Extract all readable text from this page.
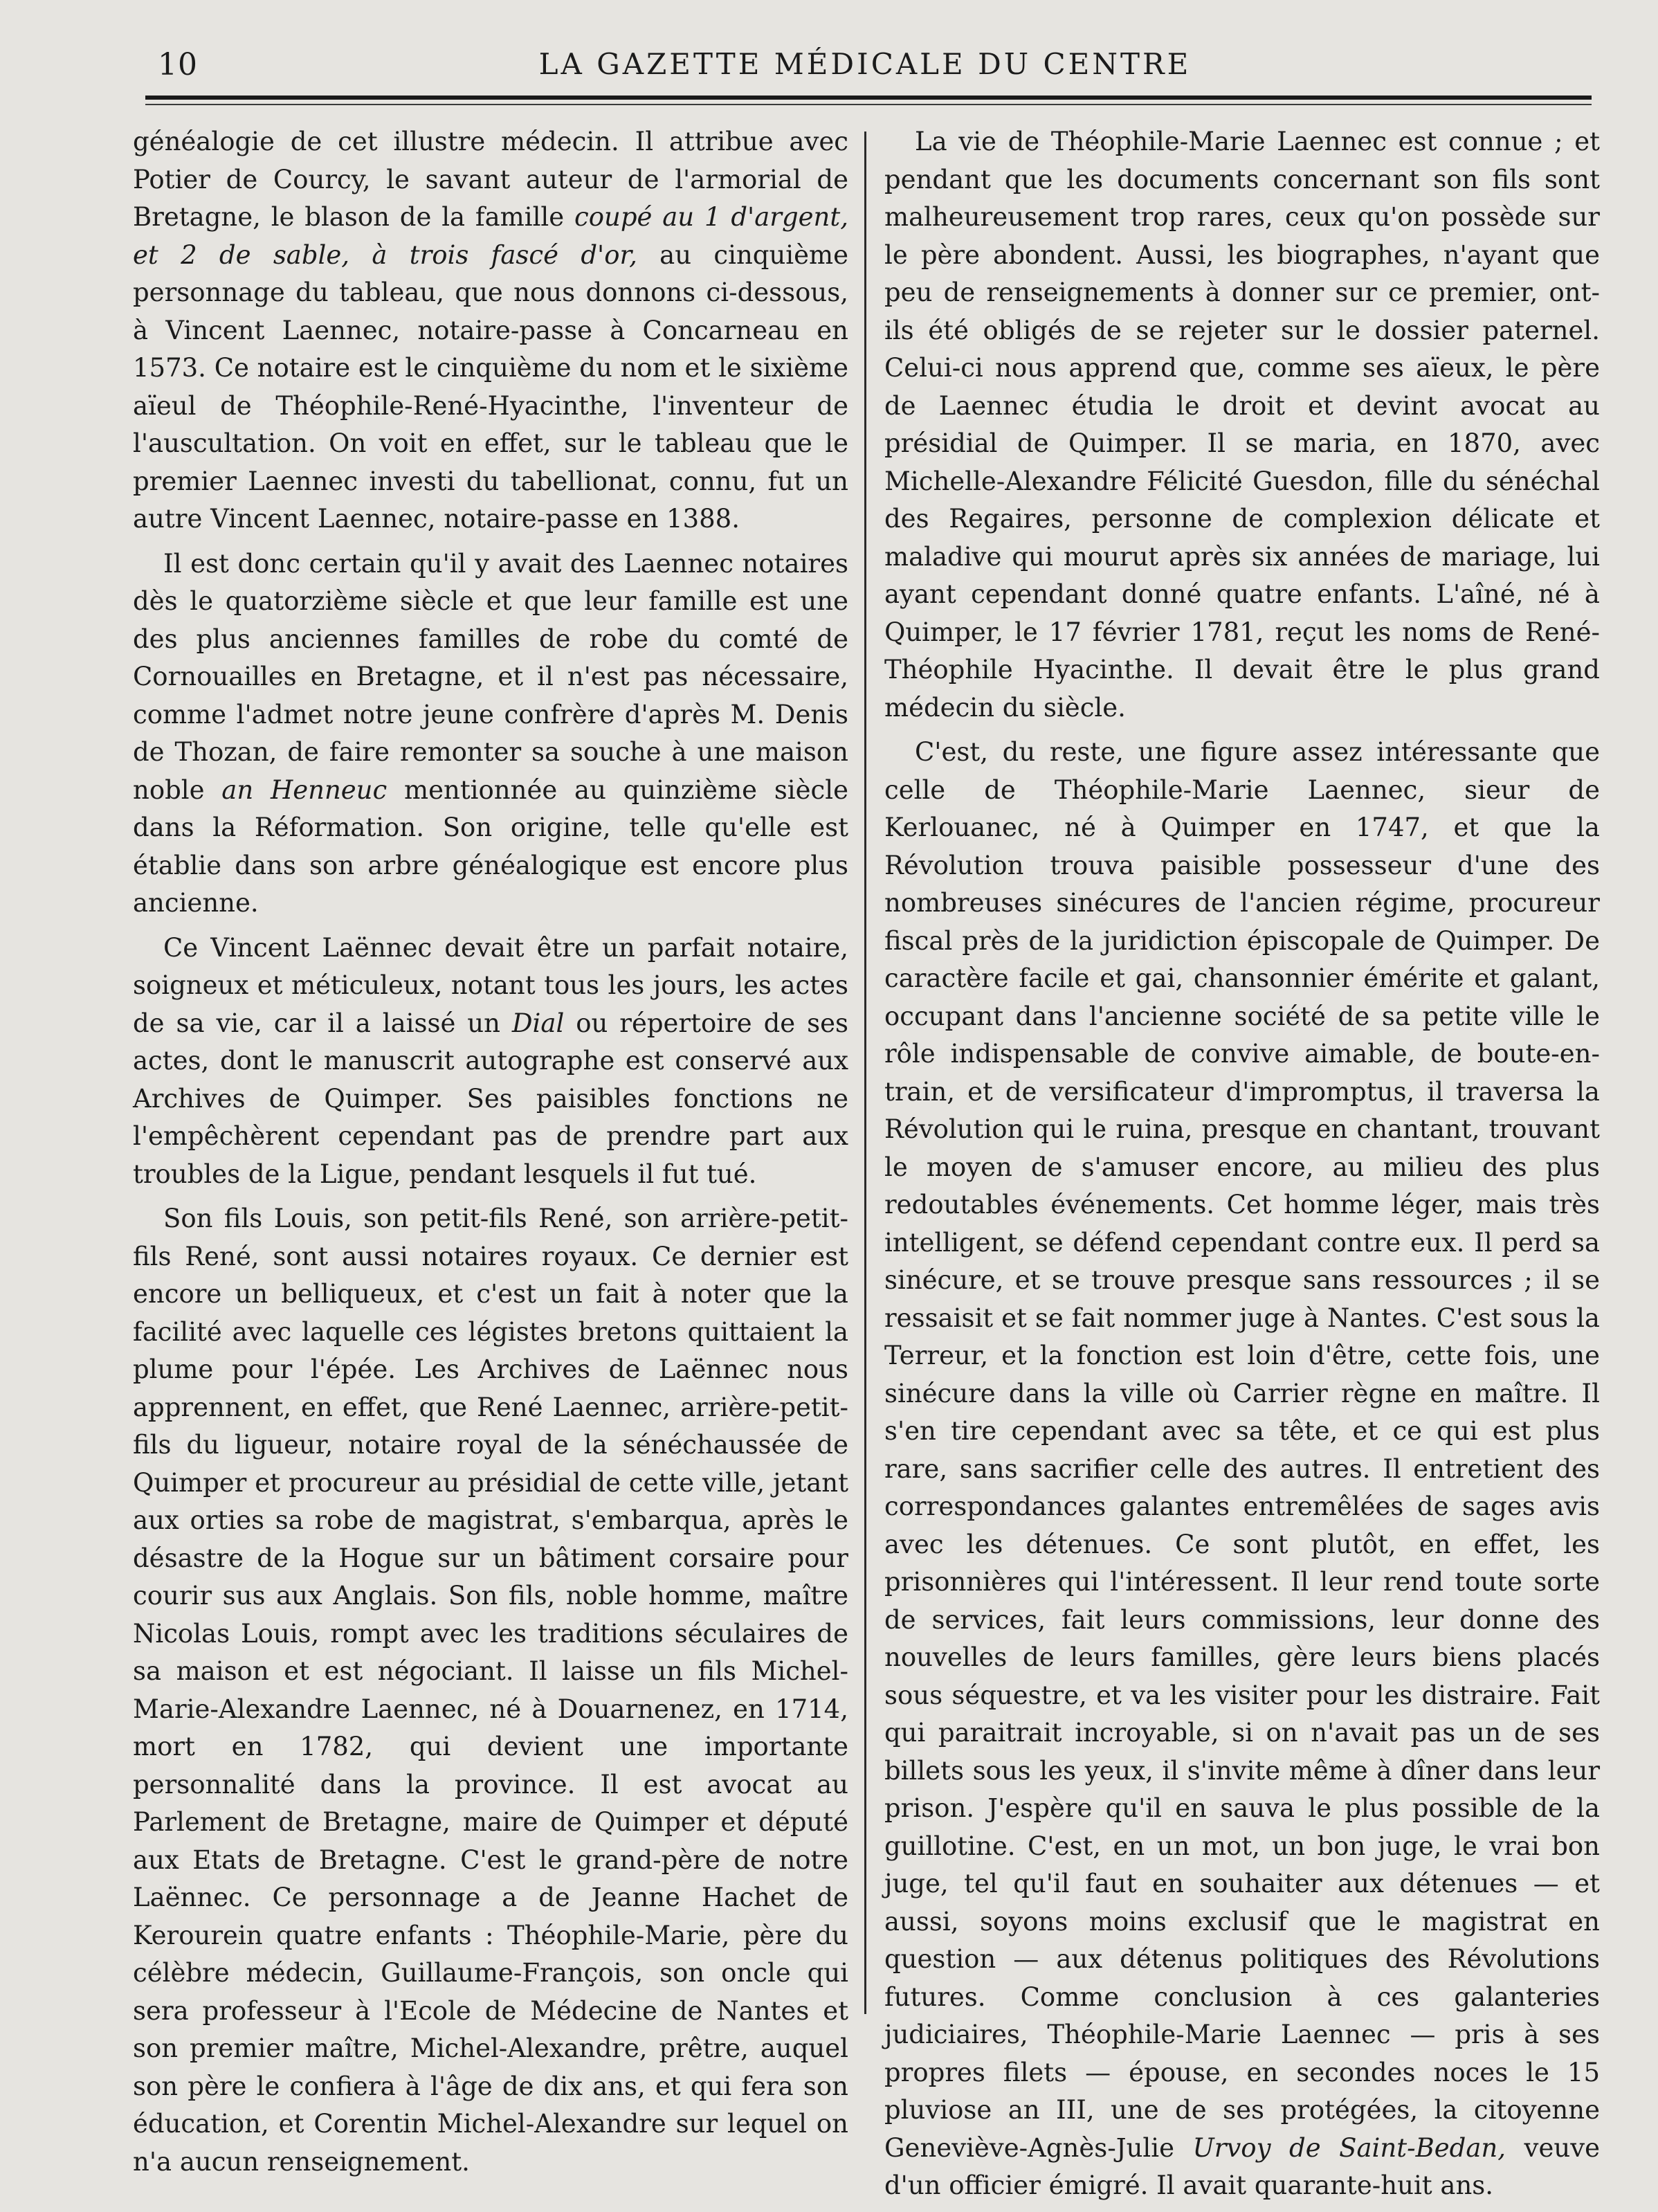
10	LA GAZETTE MÉDICALE DU CENTRE

généalogie de cet illustre médecin. Il attribue avec Potier de Courcy, le savant auteur de l'armorial de Bretagne, le blason de la famille coupé au 1 d'argent, et 2 de sable, à trois fascé d'or, au cinquième personnage du tableau, que nous donnons ci-dessous, à Vincent Laennec, notaire-passe à Concarneau en 1573. Ce notaire est le cinquième du nom et le sixième aïeul de Théophile-René-Hyacinthe, l'inventeur de l'auscultation. On voit en effet, sur le tableau que le premier Laennec investi du tabellionat, connu, fut un autre Vincent Laennec, notaire-passe en 1388.

Il est donc certain qu'il y avait des Laennec notaires dès le quatorzième siècle et que leur famille est une des plus anciennes familles de robe du comté de Cornouailles en Bretagne, et il n'est pas nécessaire, comme l'admet notre jeune confrère d'après M. Denis de Thozan, de faire remonter sa souche à une maison noble an Henneuc mentionnée au quinzième siècle dans la Réformation. Son origine, telle qu'elle est établie dans son arbre généalogique est encore plus ancienne.

Ce Vincent Laënnec devait être un parfait notaire, soigneux et méticuleux, notant tous les jours, les actes de sa vie, car il a laissé un Dial ou répertoire de ses actes, dont le manuscrit autographe est conservé aux Archives de Quimper. Ses paisibles fonctions ne l'empêchèrent cependant pas de prendre part aux troubles de la Ligue, pendant lesquels il fut tué.

Son fils Louis, son petit-fils René, son arrière-petit-fils René, sont aussi notaires royaux. Ce dernier est encore un belliqueux, et c'est un fait à noter que la facilité avec laquelle ces légistes bretons quittaient la plume pour l'épée. Les Archives de Laënnec nous apprennent, en effet, que René Laennec, arrière-petit-fils du ligueur, notaire royal de la sénéchaussée de Quimper et procureur au présidial de cette ville, jetant aux orties sa robe de magistrat, s'embarqua, après le désastre de la Hogue sur un bâtiment corsaire pour courir sus aux Anglais. Son fils, noble homme, maître Nicolas Louis, rompt avec les traditions séculaires de sa maison et est négociant. Il laisse un fils Michel-Marie-Alexandre Laennec, né à Douarnenez, en 1714, mort en 1782, qui devient une importante personnalité dans la province. Il est avocat au Parlement de Bretagne, maire de Quimper et député aux Etats de Bretagne. C'est le grand-père de notre Laënnec. Ce personnage a de Jeanne Hachet de Kerourein quatre enfants : Théophile-Marie, père du célèbre médecin, Guillaume-François, son oncle qui sera professeur à l'Ecole de Médecine de Nantes et son premier maître, Michel-Alexandre, prêtre, auquel son père le confiera à l'âge de dix ans, et qui fera son éducation, et Corentin Michel-Alexandre sur lequel on n'a aucun renseignement.

La vie de Théophile-Marie Laennec est connue ; et pendant que les documents concernant son fils sont malheureusement trop rares, ceux qu'on possède sur le père abondent. Aussi, les biographes, n'ayant que peu de renseignements à donner sur ce premier, ont-ils été obligés de se rejeter sur le dossier paternel. Celui-ci nous apprend que, comme ses aïeux, le père de Laennec étudia le droit et devint avocat au présidial de Quimper. Il se maria, en 1870, avec Michelle-Alexandre Félicité Guesdon, fille du sénéchal des Regaires, personne de complexion délicate et maladive qui mourut après six années de mariage, lui ayant cependant donné quatre enfants. L'aîné, né à Quimper, le 17 février 1781, reçut les noms de René-Théophile Hyacinthe. Il devait être le plus grand médecin du siècle.

C'est, du reste, une figure assez intéressante que celle de Théophile-Marie Laennec, sieur de Kerlouanec, né à Quimper en 1747, et que la Révolution trouva paisible possesseur d'une des nombreuses sinécures de l'ancien régime, procureur fiscal près de la juridiction épiscopale de Quimper. De caractère facile et gai, chansonnier émérite et galant, occupant dans l'ancienne société de sa petite ville le rôle indispensable de convive aimable, de boute-en-train, et de versificateur d'impromptus, il traversa la Révolution qui le ruina, presque en chantant, trouvant le moyen de s'amuser encore, au milieu des plus redoutables événements. Cet homme léger, mais très intelligent, se défend cependant contre eux. Il perd sa sinécure, et se trouve presque sans ressources ; il se ressaisit et se fait nommer juge à Nantes. C'est sous la Terreur, et la fonction est loin d'être, cette fois, une sinécure dans la ville où Carrier règne en maître. Il s'en tire cependant avec sa tête, et ce qui est plus rare, sans sacrifier celle des autres. Il entretient des correspondances galantes entremêlées de sages avis avec les détenues. Ce sont plutôt, en effet, les prisonnières qui l'intéressent. Il leur rend toute sorte de services, fait leurs commissions, leur donne des nouvelles de leurs familles, gère leurs biens placés sous séquestre, et va les visiter pour les distraire. Fait qui paraitrait incroyable, si on n'avait pas un de ses billets sous les yeux, il s'invite même à dîner dans leur prison. J'espère qu'il en sauva le plus possible de la guillotine. C'est, en un mot, un bon juge, le vrai bon juge, tel qu'il faut en souhaiter aux détenues — et aussi, soyons moins exclusif que le magistrat en question — aux détenus politiques des Révolutions futures. Comme conclusion à ces galanteries judiciaires, Théophile-Marie Laennec — pris à ses propres filets — épouse, en secondes noces le 15 pluviose an III, une de ses protégées, la citoyenne Geneviève-Agnès-Julie Urvoy de Saint-Bedan, veuve d'un officier émigré. Il avait quarante-huit ans.
